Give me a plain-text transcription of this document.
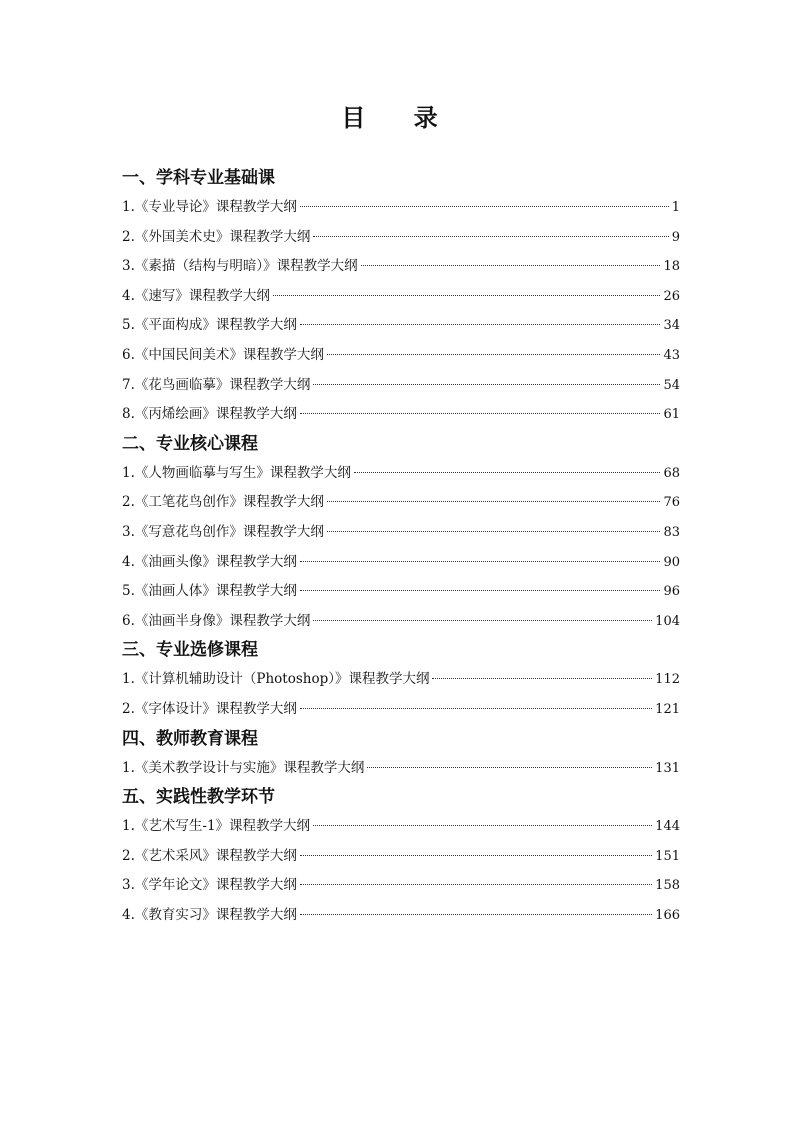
目 录
一、学科专业基础课
1.《专业导论》课程教学大纲	1
2.《外国美术史》课程教学大纲	9
3.《素描（结构与明暗）》课程教学大纲	18
4.《速写》课程教学大纲	26
5.《平面构成》课程教学大纲	34
6.《中国民间美术》课程教学大纲	43
7.《花鸟画临摹》课程教学大纲	54
8.《丙烯绘画》课程教学大纲	61
二、专业核心课程
1.《人物画临摹与写生》课程教学大纲	68
2.《工笔花鸟创作》课程教学大纲	76
3.《写意花鸟创作》课程教学大纲	83
4.《油画头像》课程教学大纲	90
5.《油画人体》课程教学大纲	96
6.《油画半身像》课程教学大纲	104
三、专业选修课程
1.《计算机辅助设计（Photoshop）》课程教学大纲	112
2.《字体设计》课程教学大纲	121
四、教师教育课程
1.《美术教学设计与实施》课程教学大纲	131
五、实践性教学环节
1.《艺术写生-1》课程教学大纲	144
2.《艺术采风》课程教学大纲	151
3.《学年论文》课程教学大纲	158
4.《教育实习》课程教学大纲	166
